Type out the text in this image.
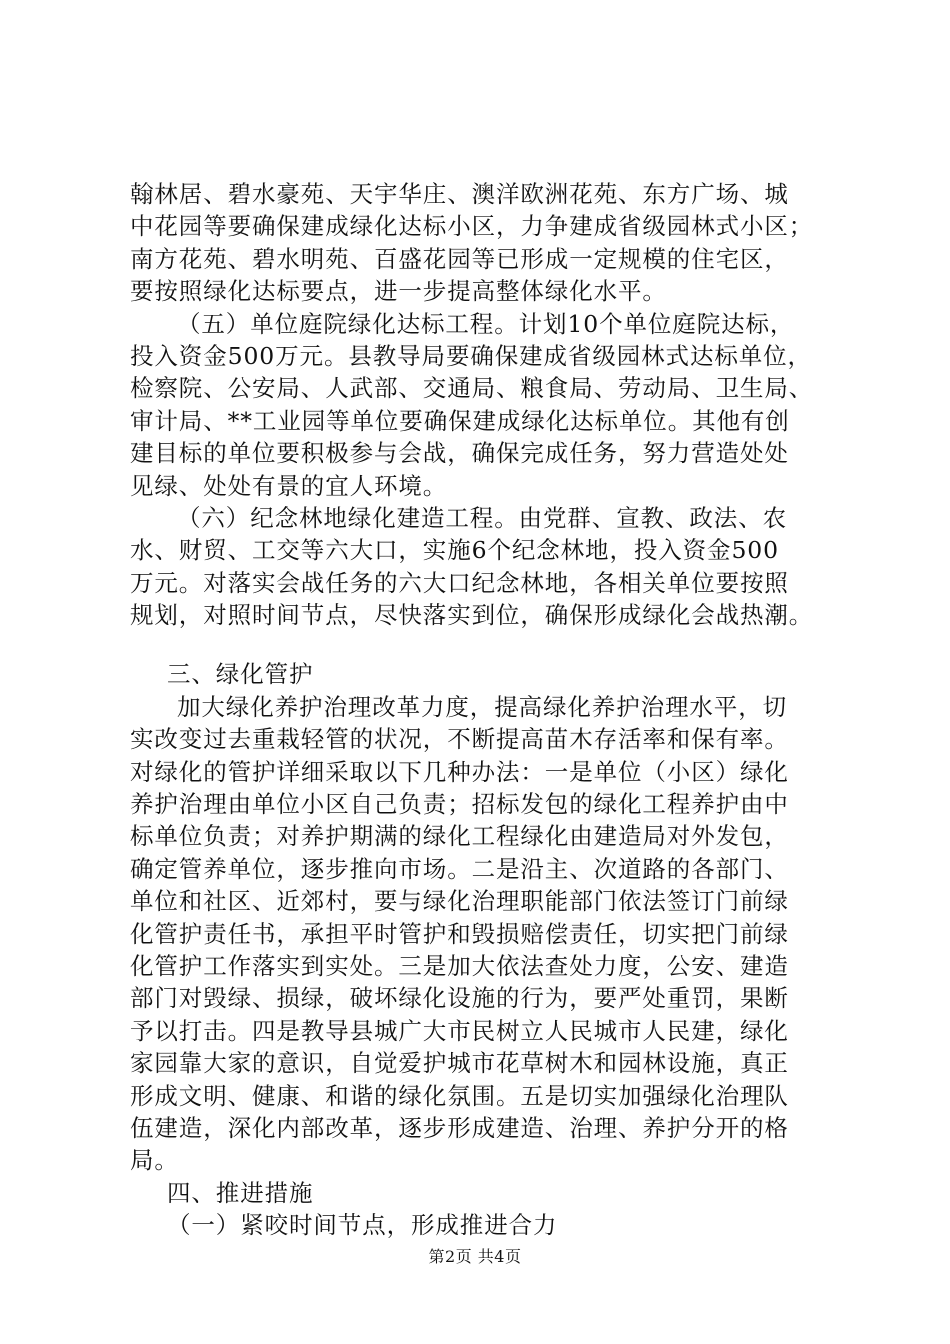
翰林居、碧水豪苑、天宇华庄、澳洋欧洲花苑、东方广场、城
中花园等要确保建成绿化达标小区，力争建成省级园林式小区；
南方花苑、碧水明苑、百盛花园等已形成一定规模的住宅区，
要按照绿化达标要点，进一步提高整体绿化水平。
（五）单位庭院绿化达标工程。计划10个单位庭院达标，
投入资金500万元。县教导局要确保建成省级园林式达标单位，
检察院、公安局、人武部、交通局、粮食局、劳动局、卫生局、
审计局、**工业园等单位要确保建成绿化达标单位。其他有创
建目标的单位要积极参与会战，确保完成任务，努力营造处处
见绿、处处有景的宜人环境。
（六）纪念林地绿化建造工程。由党群、宣教、政法、农
水、财贸、工交等六大口，实施6个纪念林地，投入资金500
万元。对落实会战任务的六大口纪念林地，各相关单位要按照
规划，对照时间节点，尽快落实到位，确保形成绿化会战热潮。
三、绿化管护
加大绿化养护治理改革力度，提高绿化养护治理水平，切
实改变过去重栽轻管的状况，不断提高苗木存活率和保有率。
对绿化的管护详细采取以下几种办法：一是单位（小区）绿化
养护治理由单位小区自己负责；招标发包的绿化工程养护由中
标单位负责；对养护期满的绿化工程绿化由建造局对外发包，
确定管养单位，逐步推向市场。二是沿主、次道路的各部门、
单位和社区、近郊村，要与绿化治理职能部门依法签订门前绿
化管护责任书，承担平时管护和毁损赔偿责任，切实把门前绿
化管护工作落实到实处。三是加大依法查处力度，公安、建造
部门对毁绿、损绿，破坏绿化设施的行为，要严处重罚，果断
予以打击。四是教导县城广大市民树立人民城市人民建，绿化
家园靠大家的意识，自觉爱护城市花草树木和园林设施，真正
形成文明、健康、和谐的绿化氛围。五是切实加强绿化治理队
伍建造，深化内部改革，逐步形成建造、治理、养护分开的格
局。
四、推进措施
（一）紧咬时间节点，形成推进合力
第2页 共4页
